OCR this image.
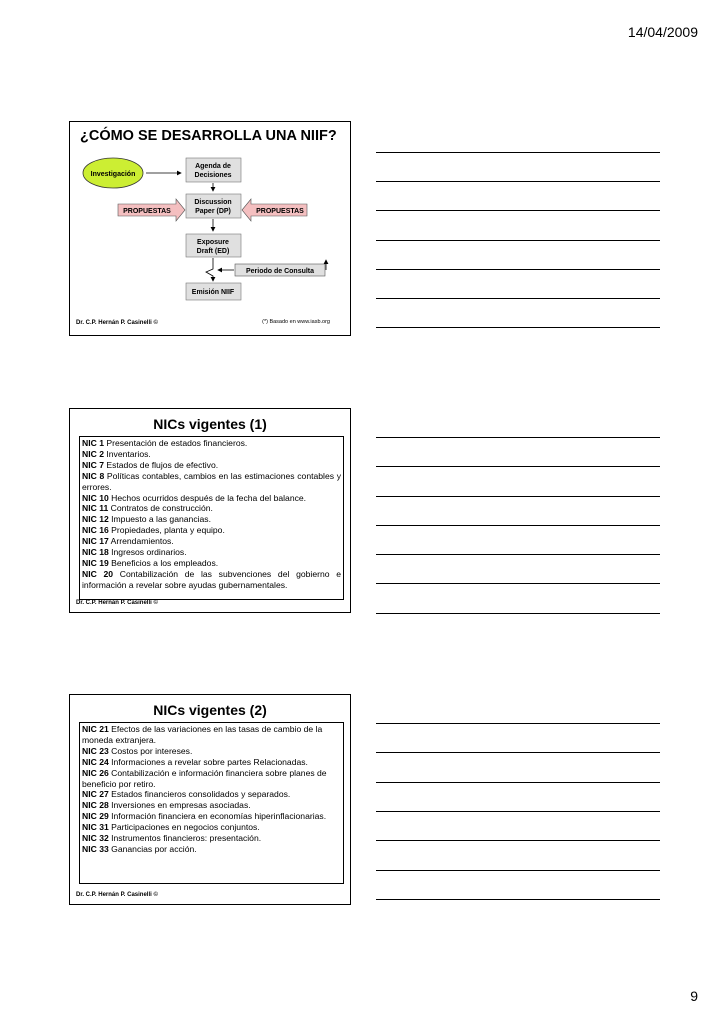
14/04/2009
¿CÓMO SE DESARROLLA UNA NIIF?
Investigación
Agenda de
Decisiones
Discussion
Paper (DP)
PROPUESTAS	PROPUESTAS
Exposure
Draft (ED)
Periodo de Consulta
Emisión NIIF
(*) Basado en www.iasb.org
Dr. C.P. Hernán P. Casinelli ©
NICs vigentes (1)

NIC 1 Presentación de estados financieros.

NIC 2 Inventarios.

NIC 7 Estados de flujos de efectivo.

NIC 8 Políticas contables, cambios en las estimaciones contables y errores.

NIC 10 Hechos ocurridos después de la fecha del balance.

NIC 11 Contratos de construcción.

NIC 12 Impuesto a las ganancias.

NIC 16 Propiedades, planta y equipo.

NIC 17 Arrendamientos.

NIC 18 Ingresos ordinarios.

NIC 19 Beneficios a los empleados.

NIC 20 Contabilización de las subvenciones del gobierno e información a revelar sobre ayudas gubernamentales.

Dr. C.P. Hernán P. Casinelli ©
NICs vigentes (2)

NIC 21 Efectos de las variaciones en las tasas de cambio de la moneda extranjera.

NIC 23 Costos por intereses.

NIC 24 Informaciones a revelar sobre partes Relacionadas.

NIC 26 Contabilización e información financiera sobre planes de beneficio por retiro.

NIC 27 Estados financieros consolidados y separados.

NIC 28 Inversiones en empresas asociadas.

NIC 29 Información financiera en economías hiperinflacionarias.

NIC 31 Participaciones en negocios conjuntos.

NIC 32 Instrumentos financieros: presentación.

NIC 33 Ganancias por acción.

Dr. C.P. Hernán P. Casinelli ©
9
